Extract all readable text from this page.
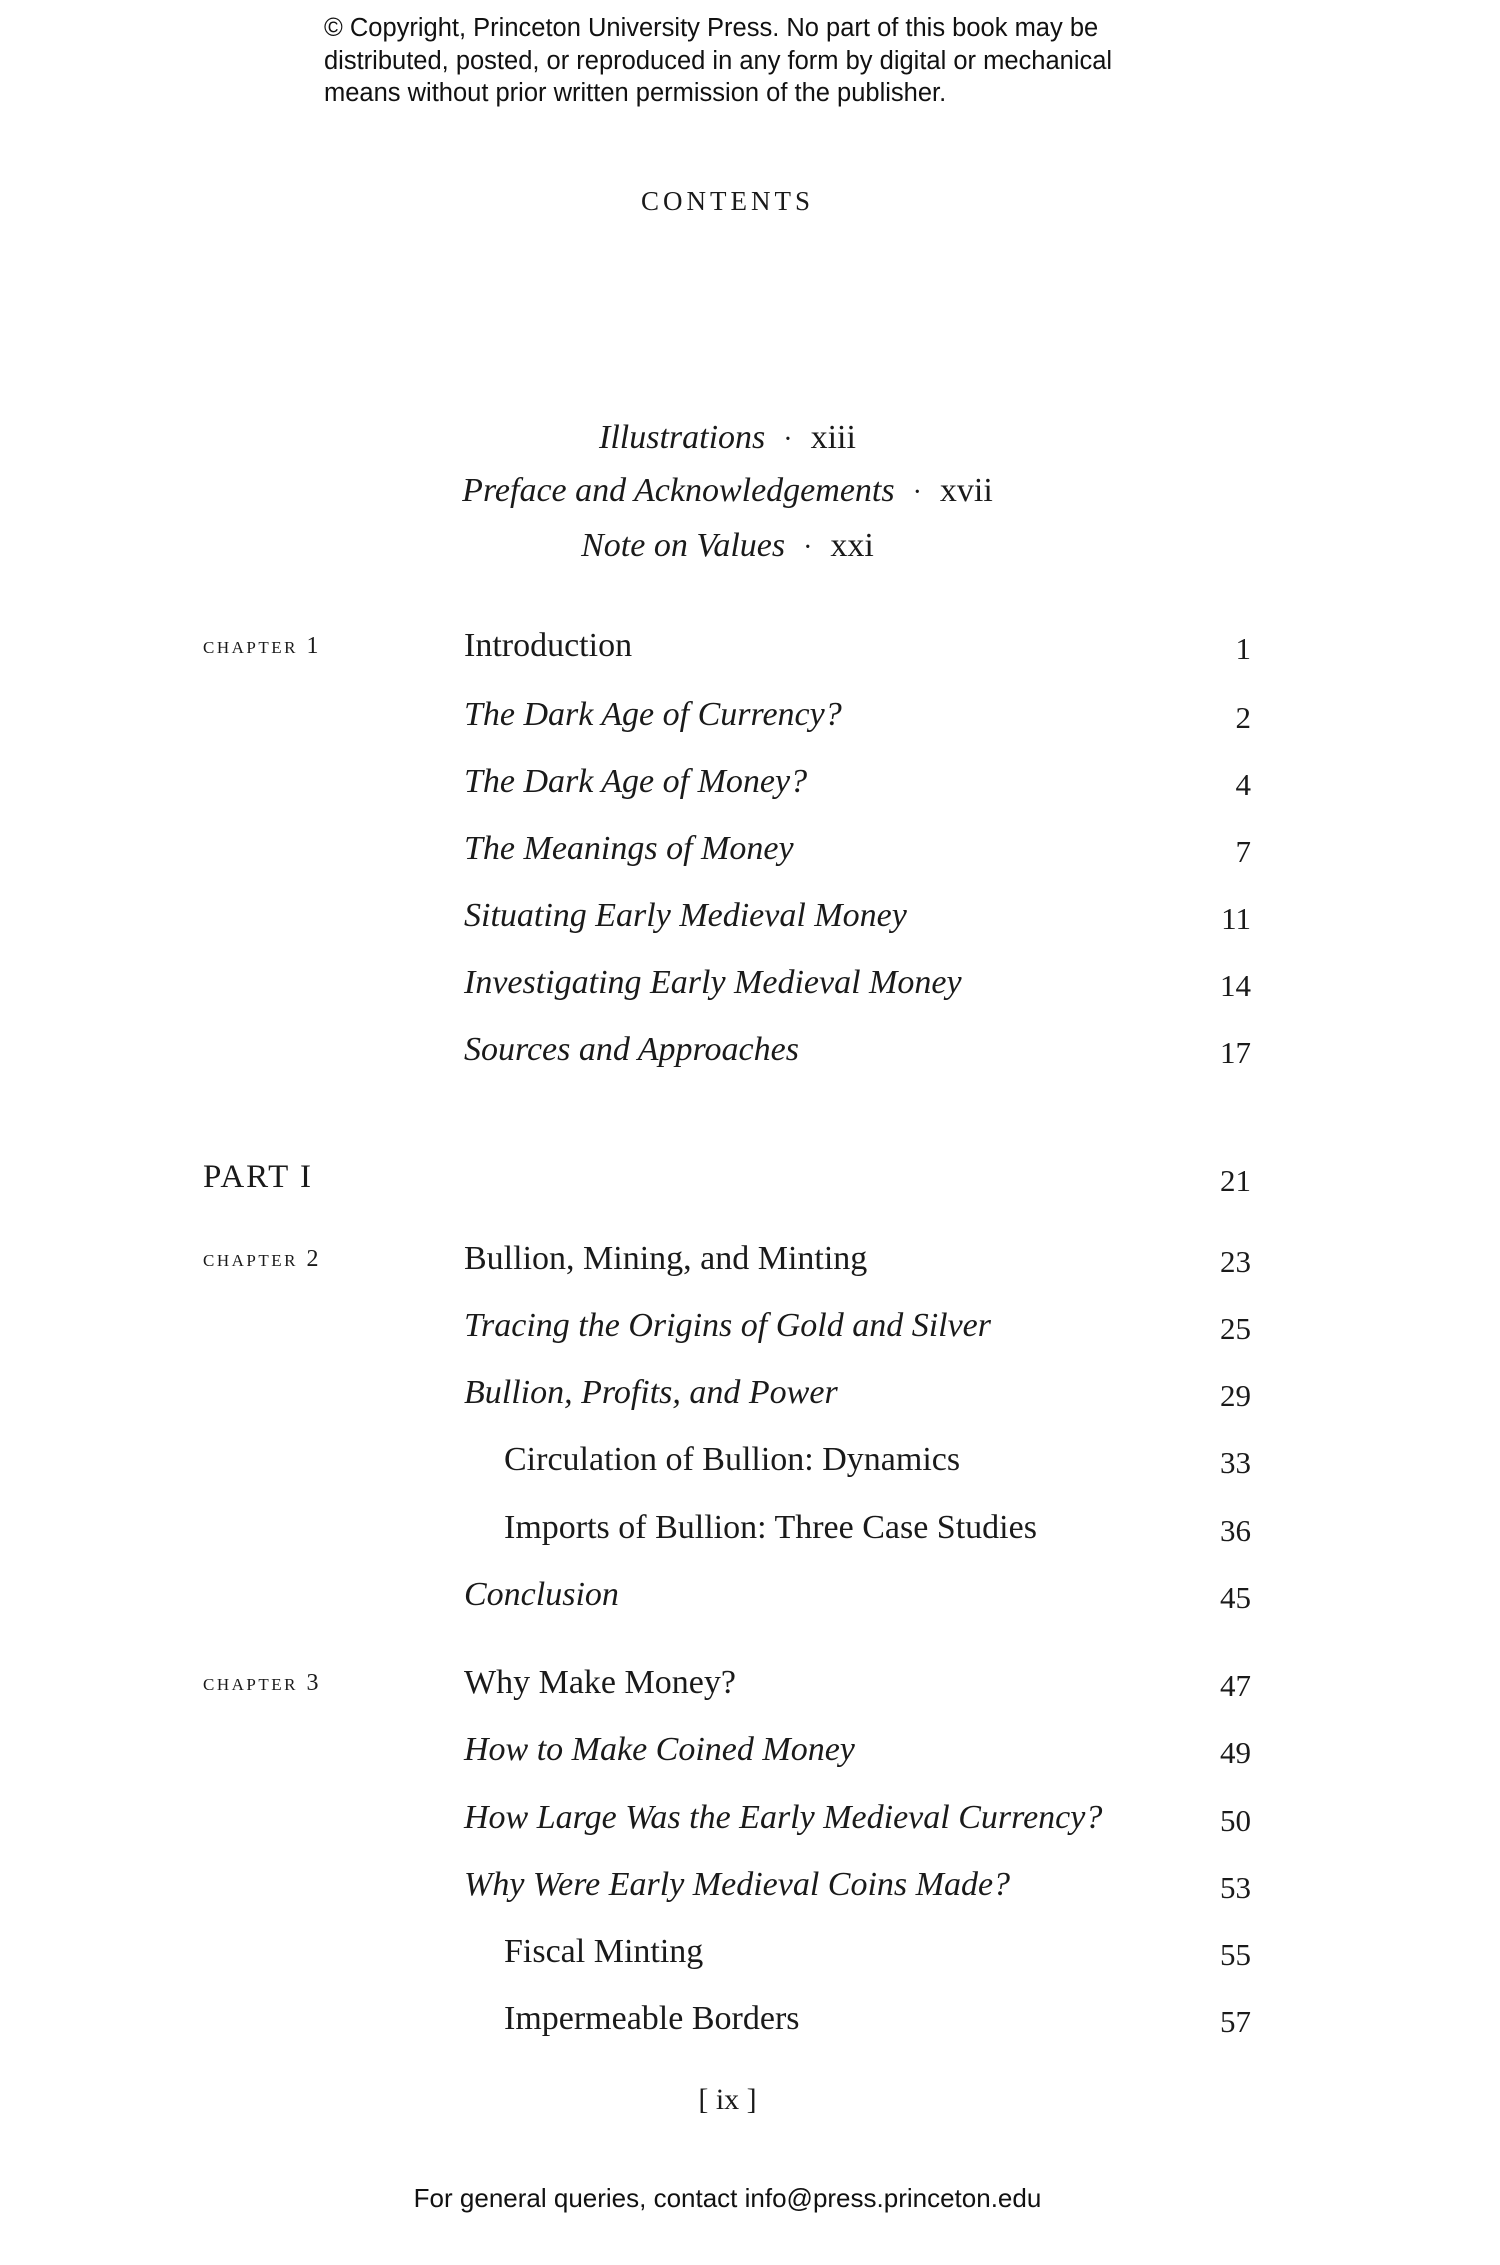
© Copyright, Princeton University Press. No part of this book may be
distributed, posted, or reproduced in any form by digital or mechanical
means without prior written permission of the publisher.
CONTENTS
Illustrations · xiii
Preface and Acknowledgements · xvii
Note on Values · xxi
chapter 1	Introduction	1
The Dark Age of Currency?	2
The Dark Age of Money?	4
The Meanings of Money	7
Situating Early Medieval Money	11
Investigating Early Medieval Money	14
Sources and Approaches	17
PART I	21
chapter 2	Bullion, Mining, and Minting	23
Tracing the Origins of Gold and Silver	25
Bullion, Profits, and Power	29
Circulation of Bullion: Dynamics	33
Imports of Bullion: Three Case Studies	36
Conclusion	45
chapter 3	Why Make Money?	47
How to Make Coined Money	49
How Large Was the Early Medieval Currency?	50
Why Were Early Medieval Coins Made?	53
Fiscal Minting	55
Impermeable Borders	57
[ ix ]
For general queries, contact info@press.princeton.edu
